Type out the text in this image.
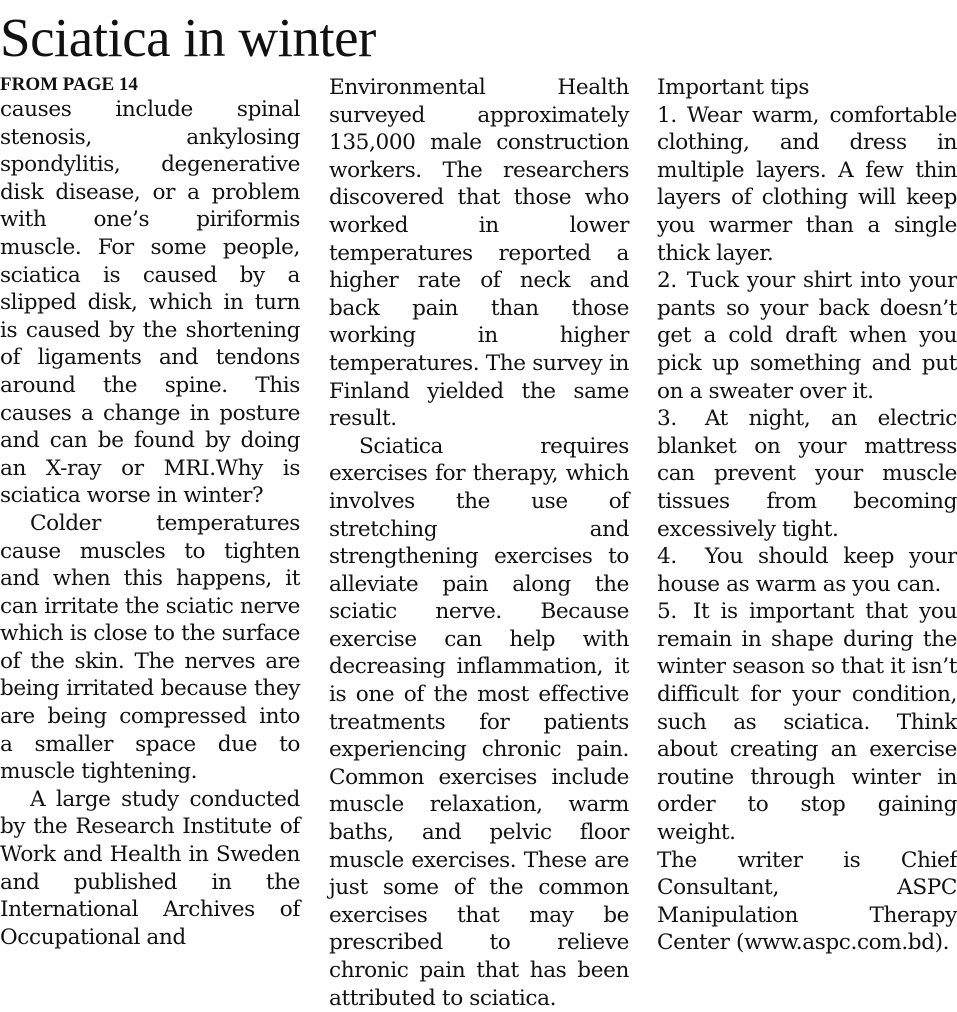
Sciatica in winter
FROM PAGE 14

causes include spinal stenosis, ankylosing spondylitis, degenerative disk disease, or a problem with one’s piriformis muscle. For some people, sciatica is caused by a slipped disk, which in turn is caused by the shortening of ligaments and tendons around the spine. This causes a change in posture and can be found by doing an X-ray or MRI.Why is sciatica worse in winter?

Colder temperatures cause muscles to tighten and when this happens, it can irritate the sciatic nerve which is close to the surface of the skin. The nerves are being irritated because they are being compressed into a smaller space due to muscle tightening.

A large study conducted by the Research Institute of Work and Health in Sweden and published in the International Archives of Occupational and

Environmental Health surveyed approximately 135,000 male construction workers. The researchers discovered that those who worked in lower temperatures reported a higher rate of neck and back pain than those working in higher temperatures. The survey in Finland yielded the same result.

Sciatica requires exercises for therapy, which involves the use of stretching and strengthening exercises to alleviate pain along the sciatic nerve. Because exercise can help with decreasing inflammation, it is one of the most effective treatments for patients experiencing chronic pain. Common exercises include muscle relaxation, warm baths, and pelvic floor muscle exercises. These are just some of the common exercises that may be prescribed to relieve chronic pain that has been attributed to sciatica.

Important tips

1. Wear warm, comfortable clothing, and dress in multiple layers. A few thin layers of clothing will keep you warmer than a single thick layer.

2. Tuck your shirt into your pants so your back doesn’t get a cold draft when you pick up something and put on a sweater over it.

3. At night, an electric blanket on your mattress can prevent your muscle tissues from becoming excessively tight.

4. You should keep your house as warm as you can.

5. It is important that you remain in shape during the winter season so that it isn’t difficult for your condition, such as sciatica. Think about creating an exercise routine through winter in order to stop gaining weight.

The writer is Chief Consultant, ASPC Manipulation Therapy Center (www.aspc.com.bd).
